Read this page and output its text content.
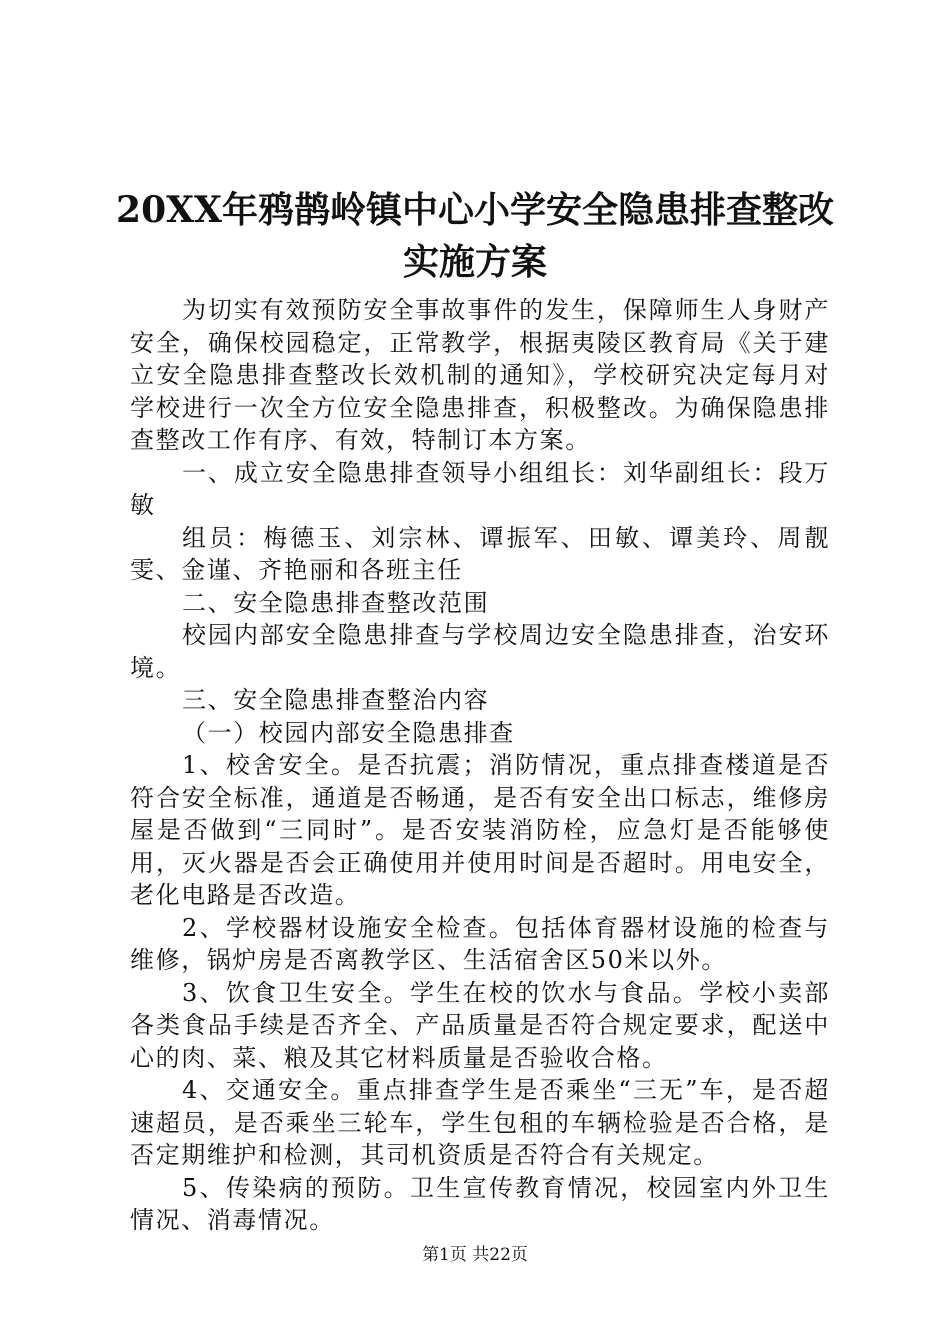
20XX年鸦鹊岭镇中心小学安全隐患排查整改
实施方案

为切实有效预防安全事故事件的发生，保障师生人身财产安全，确保校园稳定，正常教学，根据夷陵区教育局《关于建立安全隐患排查整改长效机制的通知》，学校研究决定每月对学校进行一次全方位安全隐患排查，积极整改。为确保隐患排查整改工作有序、有效，特制订本方案。

一、成立安全隐患排查领导小组组长：刘华副组长：段万敏

组员：梅德玉、刘宗林、谭振军、田敏、谭美玲、周靓雯、金谨、齐艳丽和各班主任

二、安全隐患排查整改范围

校园内部安全隐患排查与学校周边安全隐患排查，治安环境。

三、安全隐患排查整治内容

（一）校园内部安全隐患排查

1、校舍安全。是否抗震；消防情况，重点排查楼道是否符合安全标准，通道是否畅通，是否有安全出口标志，维修房屋是否做到“三同时”。是否安装消防栓，应急灯是否能够使用，灭火器是否会正确使用并使用时间是否超时。用电安全，老化电路是否改造。

2、学校器材设施安全检查。包括体育器材设施的检查与维修，锅炉房是否离教学区、生活宿舍区50米以外。

3、饮食卫生安全。学生在校的饮水与食品。学校小卖部各类食品手续是否齐全、产品质量是否符合规定要求，配送中心的肉、菜、粮及其它材料质量是否验收合格。

4、交通安全。重点排查学生是否乘坐“三无”车，是否超速超员，是否乘坐三轮车，学生包租的车辆检验是否合格，是否定期维护和检测，其司机资质是否符合有关规定。

5、传染病的预防。卫生宣传教育情况，校园室内外卫生情况、消毒情况。

第1页 共22页
